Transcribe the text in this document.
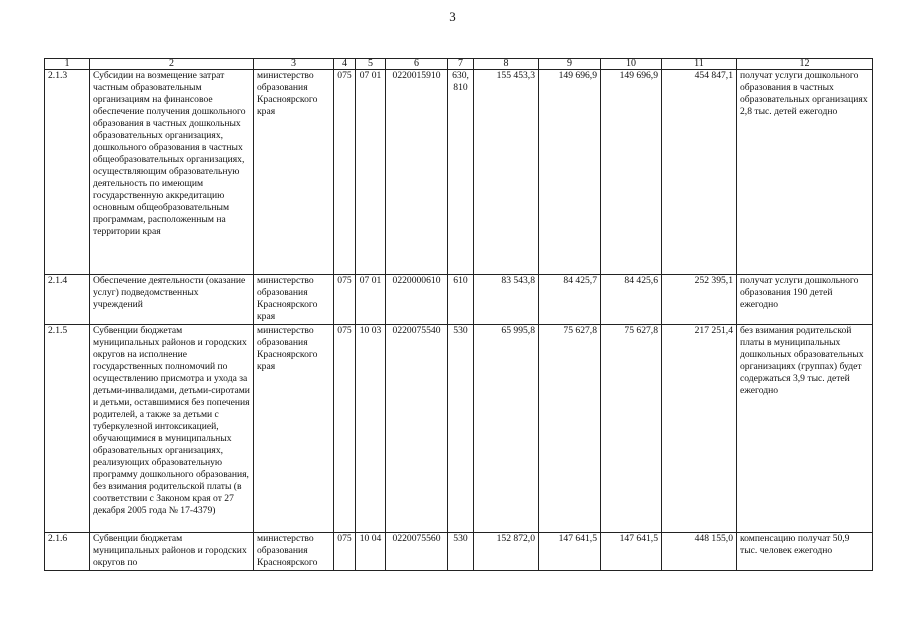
3
1	2	3	4	5	6	7	8	9	10	11	12
2.1.3	Субсидии на возмещение затрат частным образовательным организациям на финансовое обеспечение получения дошкольного образования в частных дошкольных образовательных организациях, дошкольного образования в частных общеобразовательных организациях, осуществляющим образовательную деятельность по имеющим государственную аккредитацию основным общеобразовательным программам, расположенным на территории края	министерство образования Красноярского края	075	07 01	0220015910	630, 810	155 453,3	149 696,9	149 696,9	454 847,1	получат услуги дошкольного образования в частных образовательных организациях 2,8 тыс. детей ежегодно
2.1.4	Обеспечение деятельности (оказание услуг) подведомственных учреждений	министерство образования Красноярского края	075	07 01	0220000610	610	83 543,8	84 425,7	84 425,6	252 395,1	получат услуги дошкольного образования 190 детей ежегодно
2.1.5	Субвенции бюджетам муниципальных районов и городских округов на исполнение государственных полномочий по осуществлению присмотра и ухода за детьми-инвалидами, детьми-сиротами и детьми, оставшимися без попечения родителей, а также за детьми с туберкулезной интоксикацией, обучающимися в муниципальных образовательных организациях, реализующих образовательную программу дошкольного образования, без взимания родительской платы (в соответствии с Законом края от 27 декабря 2005 года № 17-4379)	министерство образования Красноярского края	075	10 03	0220075540	530	65 995,8	75 627,8	75 627,8	217 251,4	без взимания родительской платы в муниципальных дошкольных образовательных организациях (группах) будет содержаться 3,9 тыс. детей ежегодно
2.1.6	Субвенции бюджетам муниципальных районов и городских округов по	министерство образования Красноярского	075	10 04	0220075560	530	152 872,0	147 641,5	147 641,5	448 155,0	компенсацию получат 50,9 тыс. человек ежегодно
